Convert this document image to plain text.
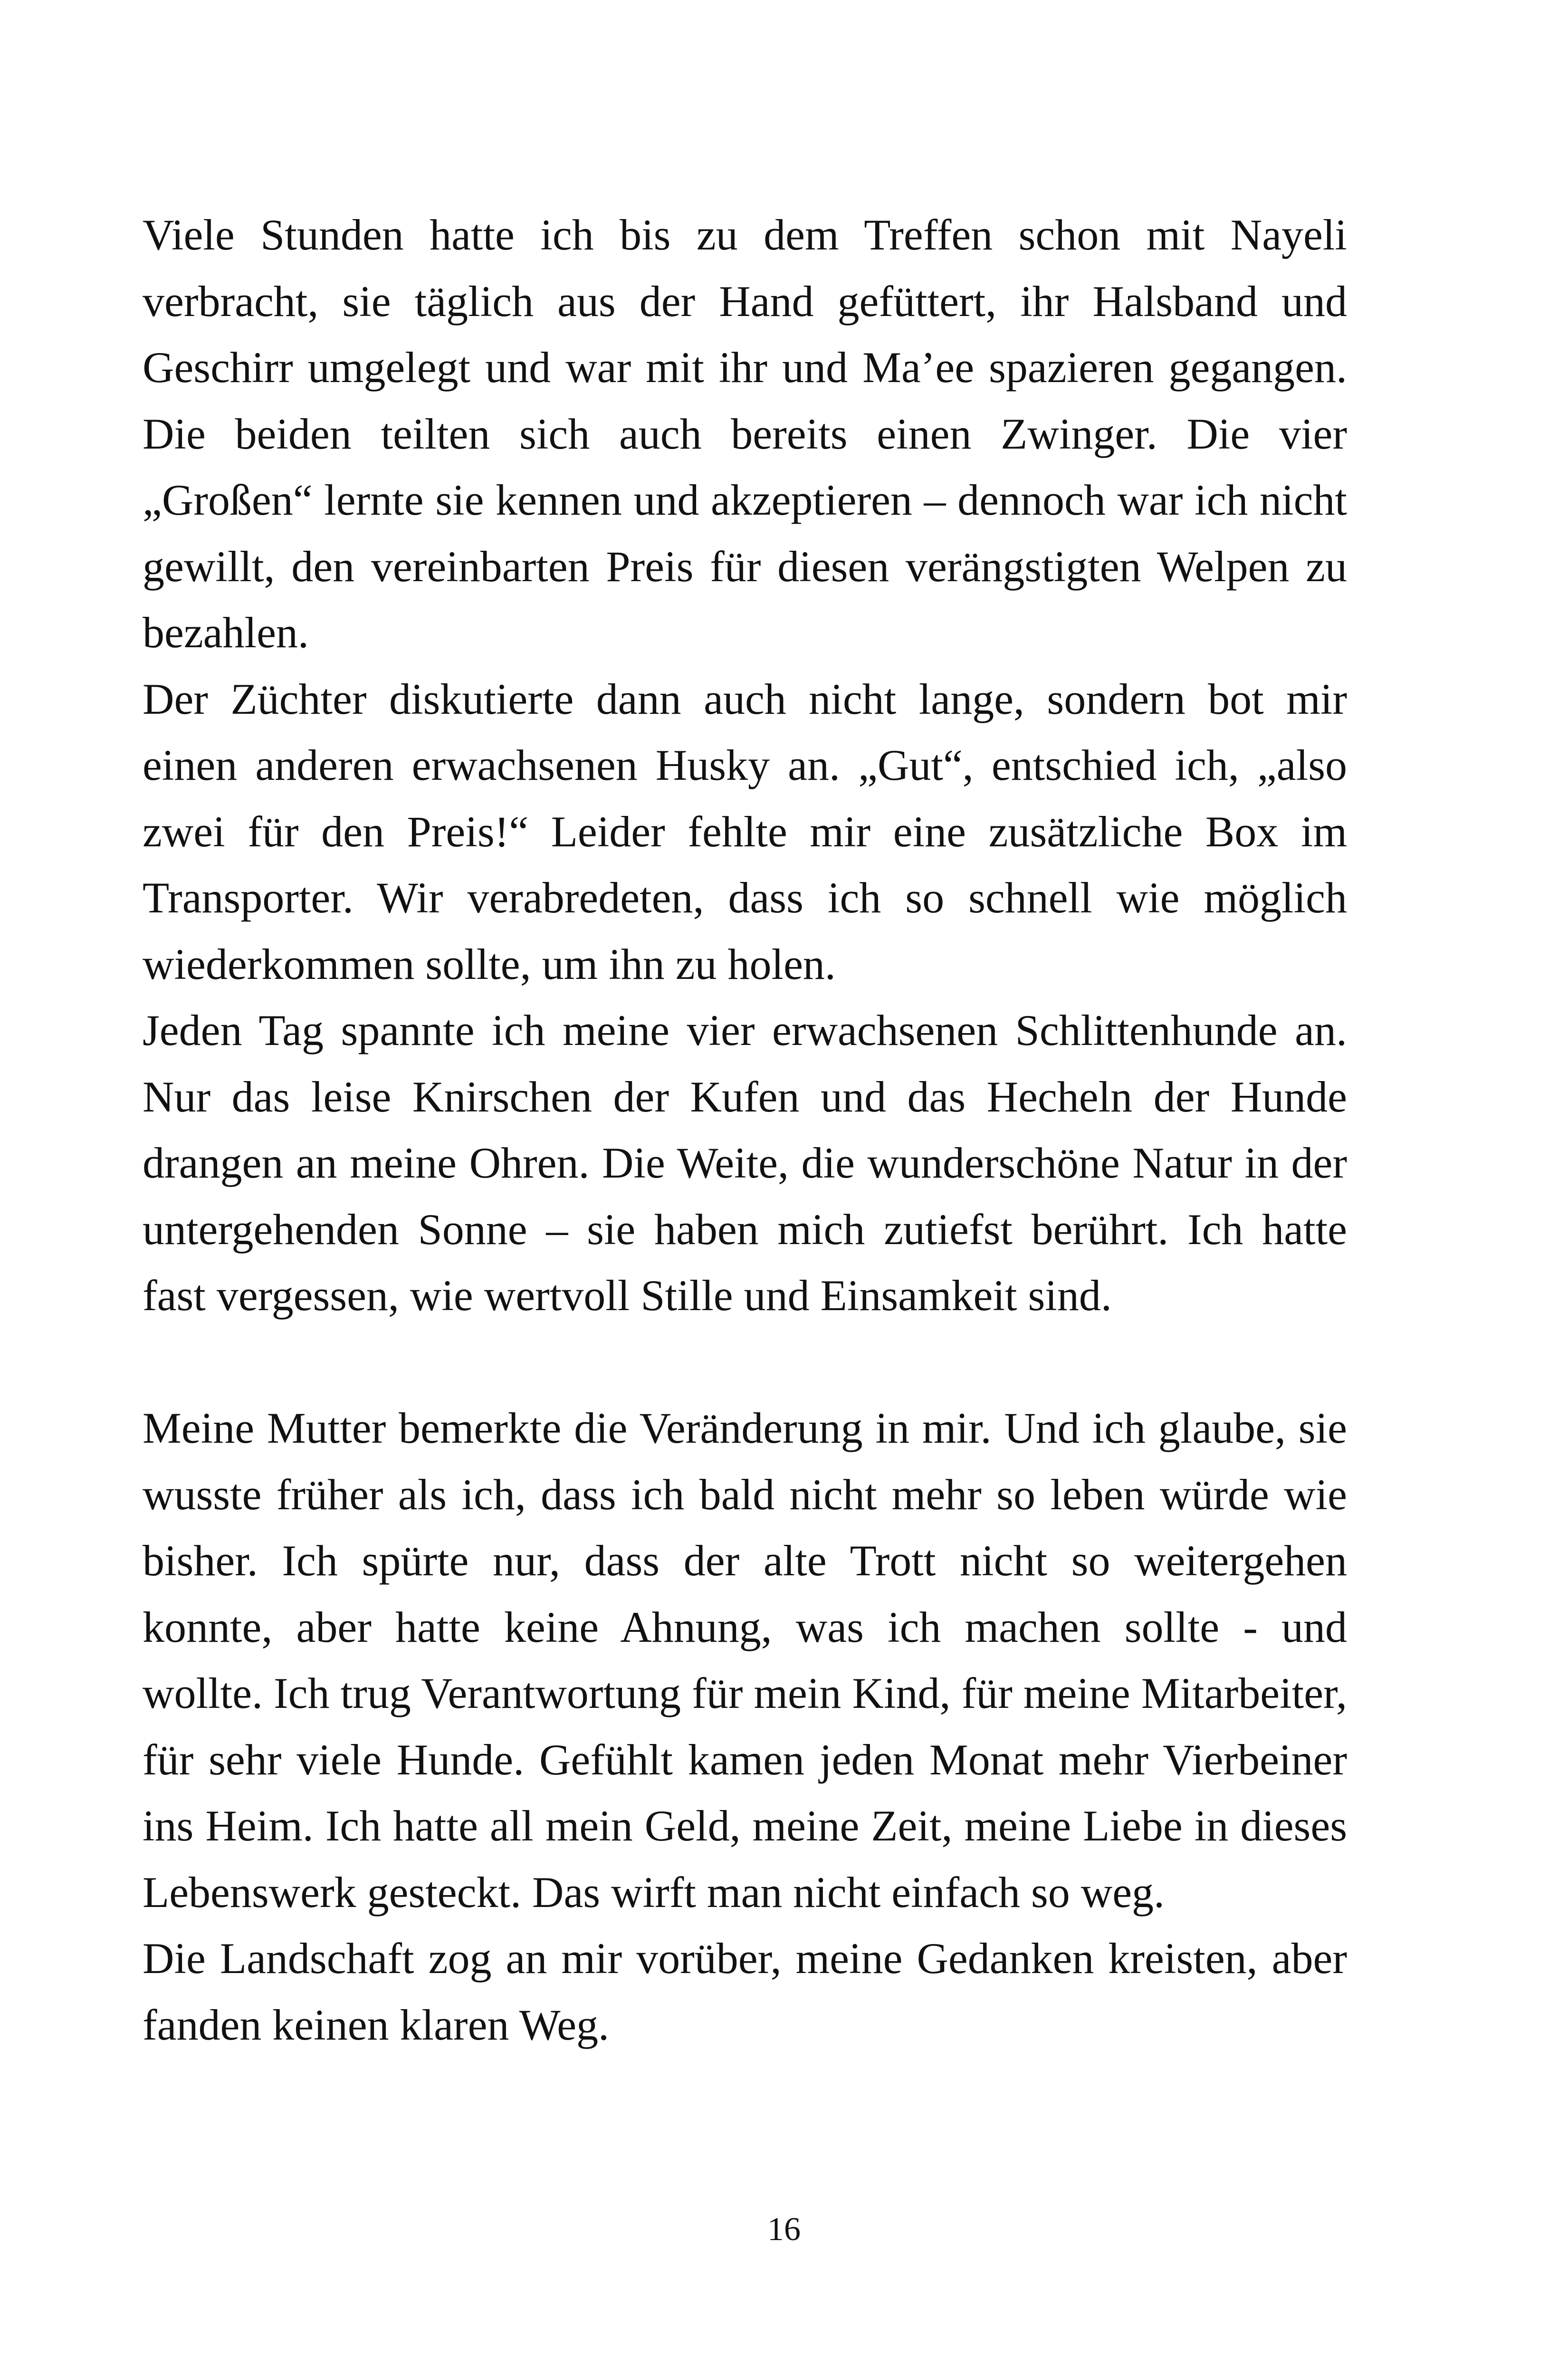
Viele Stunden hatte ich bis zu dem Treffen schon mit Nayeli verbracht, sie täglich aus der Hand gefüttert, ihr Halsband und Geschirr umgelegt und war mit ihr und Ma’ee spazieren gegangen. Die beiden teilten sich auch bereits einen Zwinger. Die vier „Großen“ lernte sie kennen und akzeptieren – dennoch war ich nicht gewillt, den vereinbarten Preis für diesen verängstigten Welpen zu bezahlen.

Der Züchter diskutierte dann auch nicht lange, sondern bot mir einen anderen erwachsenen Husky an. „Gut“, entschied ich, „also zwei für den Preis!“ Leider fehlte mir eine zusätzliche Box im Transporter. Wir verabredeten, dass ich so schnell wie möglich wiederkommen sollte, um ihn zu holen.

Jeden Tag spannte ich meine vier erwachsenen Schlittenhunde an. Nur das leise Knirschen der Kufen und das Hecheln der Hunde drangen an meine Ohren. Die Weite, die wunderschöne Natur in der untergehenden Sonne – sie haben mich zutiefst berührt. Ich hatte fast vergessen, wie wertvoll Stille und Einsamkeit sind.

Meine Mutter bemerkte die Veränderung in mir. Und ich glaube, sie wusste früher als ich, dass ich bald nicht mehr so leben würde wie bisher. Ich spürte nur, dass der alte Trott nicht so weitergehen konnte, aber hatte keine Ahnung, was ich machen sollte - und wollte. Ich trug Verantwortung für mein Kind, für meine Mitarbeiter, für sehr viele Hunde. Gefühlt kamen jeden Monat mehr Vierbeiner ins Heim. Ich hatte all mein Geld, meine Zeit, meine Liebe in dieses Lebenswerk gesteckt. Das wirft man nicht einfach so weg.

Die Landschaft zog an mir vorüber, meine Gedanken kreisten, aber fanden keinen klaren Weg.

16
